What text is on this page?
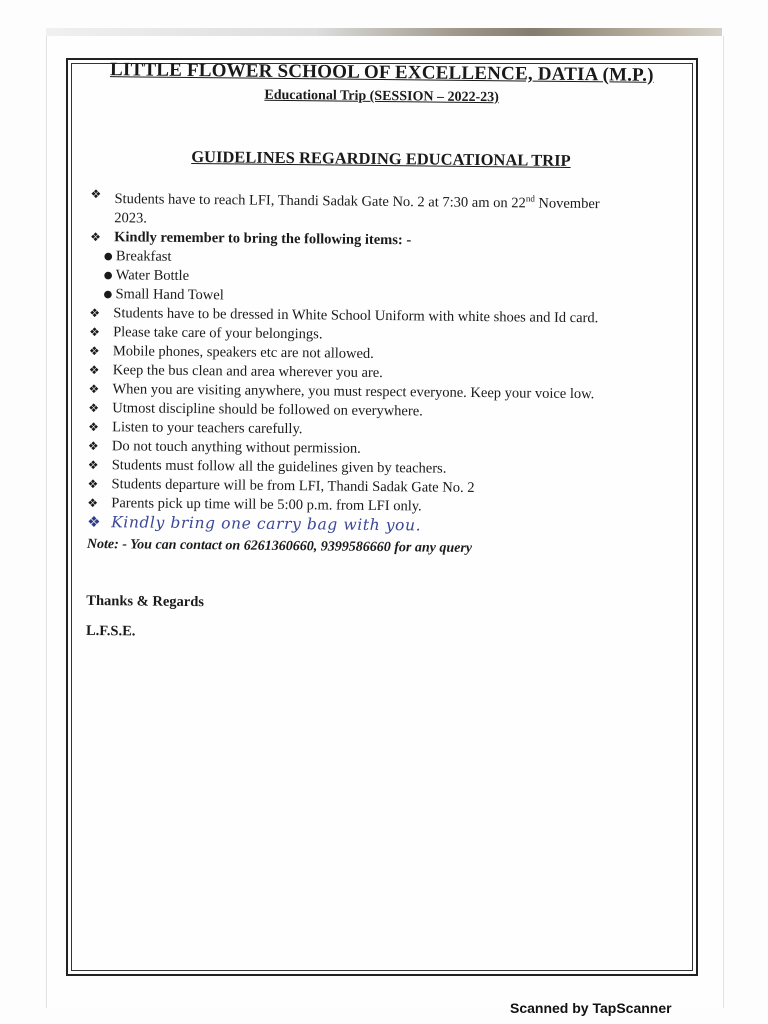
LITTLE FLOWER SCHOOL OF EXCELLENCE, DATIA (M.P.)
Educational Trip (SESSION – 2022-23)
GUIDELINES REGARDING EDUCATIONAL TRIP
❖ Students have to reach LFI, Thandi Sadak Gate No. 2 at 7:30 am on 22nd November
2023.
❖ Kindly remember to bring the following items: -
● Breakfast
● Water Bottle
● Small Hand Towel
❖ Students have to be dressed in White School Uniform with white shoes and Id card.
❖ Please take care of your belongings.
❖ Mobile phones, speakers etc are not allowed.
❖ Keep the bus clean and area wherever you are.
❖ When you are visiting anywhere, you must respect everyone. Keep your voice low.
❖ Utmost discipline should be followed on everywhere.
❖ Listen to your teachers carefully.
❖ Do not touch anything without permission.
❖ Students must follow all the guidelines given by teachers.
❖ Students departure will be from LFI, Thandi Sadak Gate No. 2
❖ Parents pick up time will be 5:00 p.m. from LFI only.
❖ Kindly bring one carry bag with you.
Note: - You can contact on 6261360660, 9399586660 for any query
Thanks & Regards
L.F.S.E.
Scanned by TapScanner
